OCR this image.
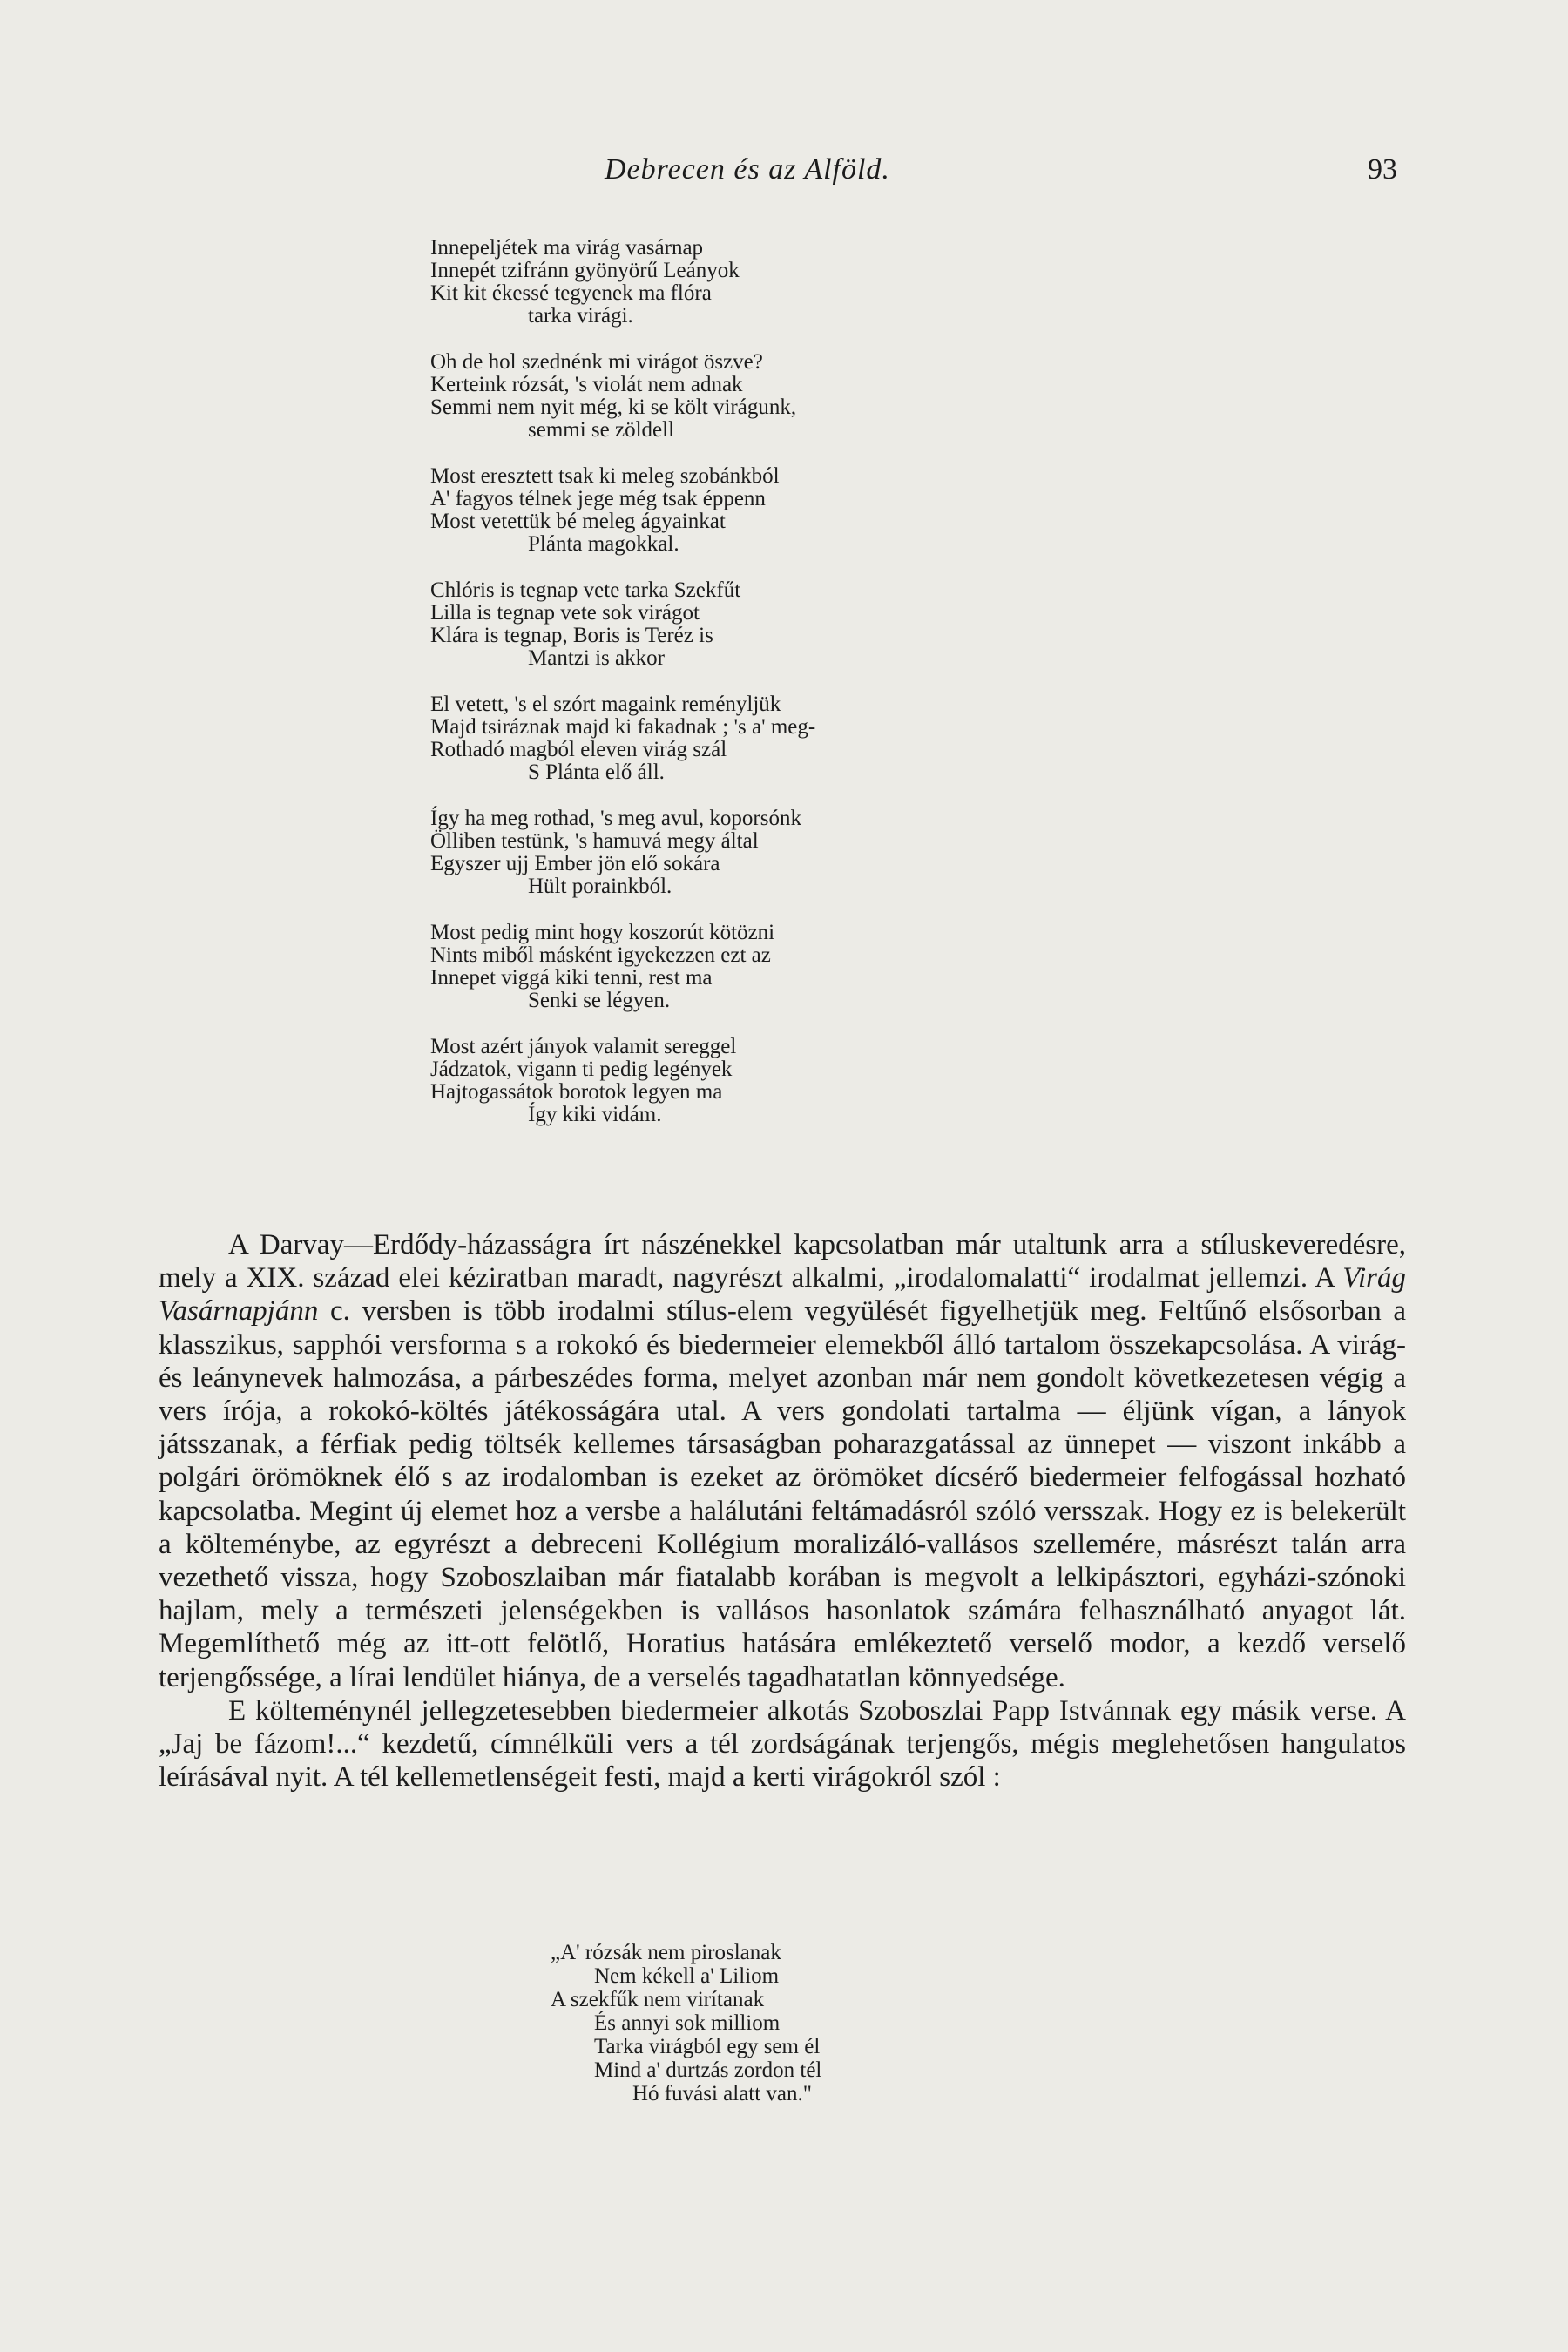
Debrecen és az Alföld.	93
Innepeljétek ma virág vasárnap
Innepét tzifránn gyönyörű Leányok
Kit kit ékessé tegyenek ma flóra
tarka virági.
Oh de hol szednénk mi virágot öszve?
Kerteink rózsát, 's violát nem adnak
Semmi nem nyit még, ki se költ virágunk,
semmi se zöldell
Most eresztett tsak ki meleg szobánkból
A' fagyos télnek jege még tsak éppenn
Most vetettük bé meleg ágyainkat
Plánta magokkal.
Chlóris is tegnap vete tarka Szekfűt
Lilla is tegnap vete sok virágot
Klára is tegnap, Boris is Teréz is
Mantzi is akkor
El vetett, 's el szórt magaink reményljük
Majd tsiráznak majd ki fakadnak ; 's a' meg-
Rothadó magból eleven virág szál
S Plánta elő áll.
Így ha meg rothad, 's meg avul, koporsónk
Ölliben testünk, 's hamuvá megy által
Egyszer ujj Ember jön elő sokára
Hült porainkból.
Most pedig mint hogy koszorút kötözni
Nints miből másként igyekezzen ezt az
Innepet viggá kiki tenni, rest ma
Senki se légyen.
Most azért jányok valamit sereggel
Jádzatok, vigann ti pedig legények
Hajtogassátok borotok legyen ma
Így kiki vidám.

A Darvay—Erdődy-házasságra írt nászénekkel kapcsolatban már utaltunk arra a stíluskeveredésre, mely a XIX. század elei kéziratban maradt, nagyrészt alkalmi, „irodalomalatti“ irodalmat jellemzi. A Virág Vasárnapjánn c. versben is több irodalmi stílus-elem vegyülését figyelhetjük meg. Feltűnő elsősorban a klasszikus, sapphói versforma s a rokokó és biedermeier elemekből álló tartalom összekapcsolása. A virág- és leánynevek halmozása, a párbeszédes forma, melyet azonban már nem gondolt következetesen végig a vers írója, a rokokó-költés játékosságára utal. A vers gondolati tartalma — éljünk vígan, a lányok játsszanak, a férfiak pedig töltsék kellemes társaságban poharazgatással az ünnepet — viszont inkább a polgári örömöknek élő s az irodalomban is ezeket az örömöket dícsérő biedermeier felfogással hozható kapcsolatba. Megint új elemet hoz a versbe a halálutáni feltámadásról szóló versszak. Hogy ez is belekerült a költeménybe, az egyrészt a debreceni Kollégium moralizáló-vallásos szellemére, másrészt talán arra vezethető vissza, hogy Szoboszlaiban már fiatalabb korában is megvolt a lelkipásztori, egyházi-szónoki hajlam, mely a természeti jelenségekben is vallásos hasonlatok számára felhasználható anyagot lát. Megemlíthető még az itt-ott felötlő, Horatius hatására emlékeztető verselő modor, a kezdő verselő terjengőssége, a lírai lendület hiánya, de a verselés tagadhatatlan könnyedsége.

E költeménynél jellegzetesebben biedermeier alkotás Szoboszlai Papp Istvánnak egy másik verse. A „Jaj be fázom!...“ kezdetű, címnélküli vers a tél zordságának terjengős, mégis meglehetősen hangulatos leírásával nyit. A tél kellemetlenségeit festi, majd a kerti virágokról szól :

„A' rózsák nem piroslanak
Nem kékell a' Liliom
A szekfűk nem virítanak
És annyi sok milliom
Tarka virágból egy sem él
Mind a' durtzás zordon tél
Hó fuvási alatt van."
